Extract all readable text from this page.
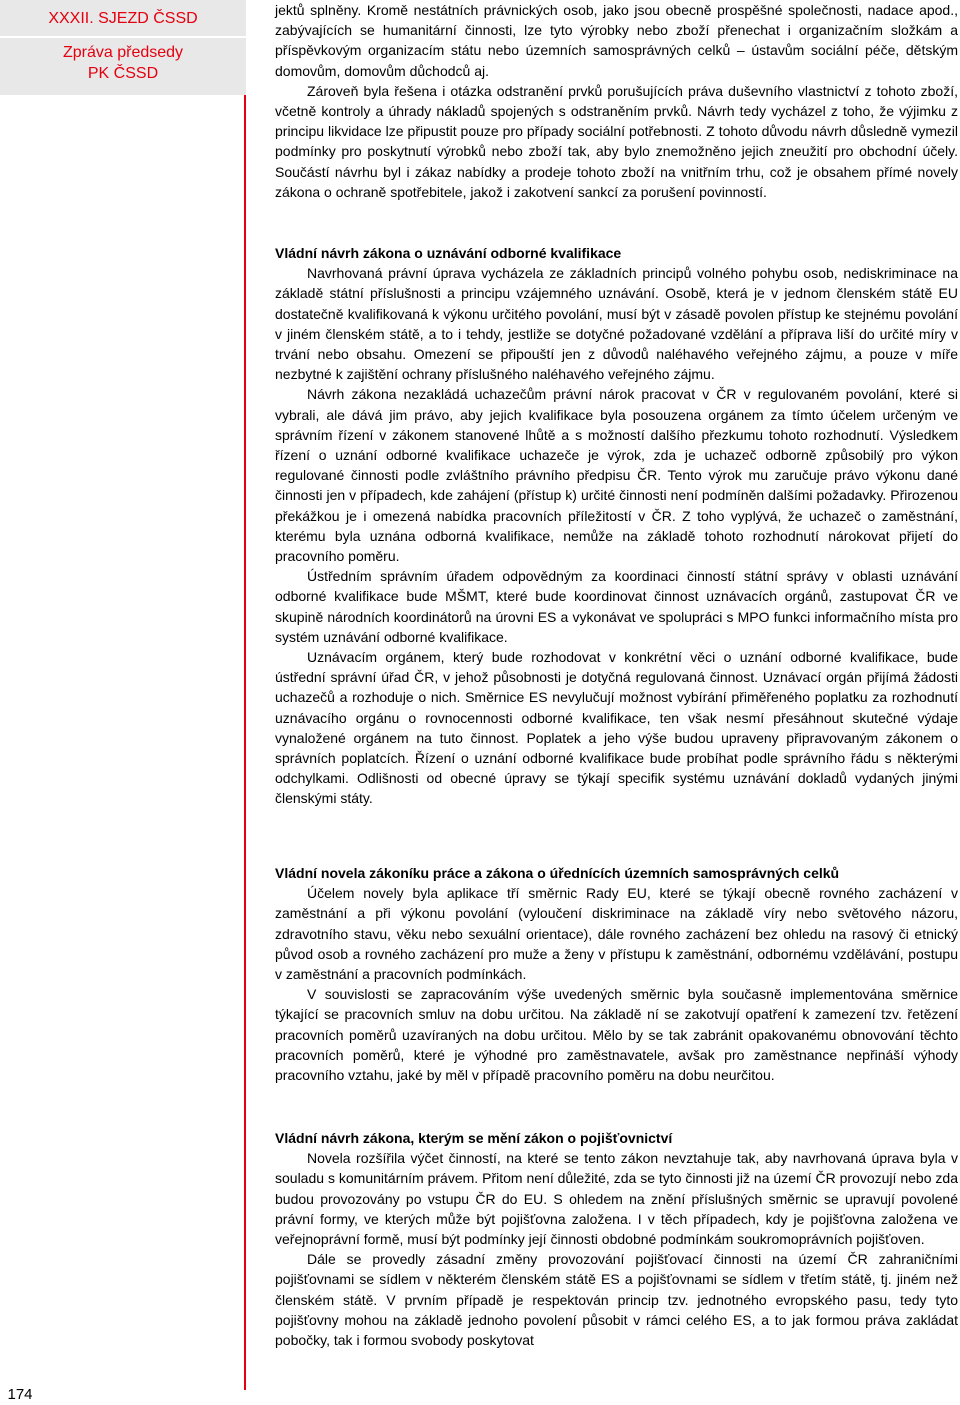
XXXII. SJEZD ČSSD
Zpráva předsedy
PK ČSSD
174

jektů splněny. Kromě nestátních právnických osob, jako jsou obecně prospěšné společnosti, nadace apod., zabývajících se humanitární činnosti, lze tyto výrobky nebo zboží přenechat i organizačním složkám a příspěvkovým organizacím státu nebo územních samosprávných celků – ústavům sociální péče, dětským domovům, domovům důchodců aj.

Zároveň byla řešena i otázka odstranění prvků porušujících práva duševního vlastnictví z tohoto zboží, včetně kontroly a úhrady nákladů spojených s odstraněním prvků. Návrh tedy vycházel z toho, že výjimku z principu likvidace lze připustit pouze pro případy sociální potřebnosti. Z tohoto důvodu návrh důsledně vymezil podmínky pro poskytnutí výrobků nebo zboží tak, aby bylo znemožněno jejich zneužití pro obchodní účely. Součástí návrhu byl i zákaz nabídky a prodeje tohoto zboží na vnitřním trhu, což je obsahem přímé novely zákona o ochraně spotřebitele, jakož i zakotvení sankcí za porušení povinností.

Vládní návrh zákona o uznávání odborné kvalifikace

Navrhovaná právní úprava vycházela ze základních principů volného pohybu osob, nediskriminace na základě státní příslušnosti a principu vzájemného uznávání. Osobě, která je v jednom členském státě EU dostatečně kvalifikovaná k výkonu určitého povolání, musí být v zásadě povolen přístup ke stejnému povolání v jiném členském státě, a to i tehdy, jestliže se dotyčné požadované vzdělání a příprava liší do určité míry v trvání nebo obsahu. Omezení se připouští jen z důvodů naléhavého veřejného zájmu, a pouze v míře nezbytné k zajištění ochrany příslušného naléhavého veřejného zájmu.

Návrh zákona nezakládá uchazečům právní nárok pracovat v ČR v regulovaném povolání, které si vybrali, ale dává jim právo, aby jejich kvalifikace byla posouzena orgánem za tímto účelem určeným ve správním řízení v zákonem stanovené lhůtě a s možností dalšího přezkumu tohoto rozhodnutí. Výsledkem řízení o uznání odborné kvalifikace uchazeče je výrok, zda je uchazeč odborně způsobilý pro výkon regulované činnosti podle zvláštního právního předpisu ČR. Tento výrok mu zaručuje právo výkonu dané činnosti jen v případech, kde zahájení (přístup k) určité činnosti není podmíněn dalšími požadavky. Přirozenou překážkou je i omezená nabídka pracovních příležitostí v ČR. Z toho vyplývá, že uchazeč o zaměstnání, kterému byla uznána odborná kvalifikace, nemůže na základě tohoto rozhodnutí nárokovat přijetí do pracovního poměru.

Ústředním správním úřadem odpovědným za koordinaci činností státní správy v oblasti uznávání odborné kvalifikace bude MŠMT, které bude koordinovat činnost uznávacích orgánů, zastupovat ČR ve skupině národních koordinátorů na úrovni ES a vykonávat ve spolupráci s MPO funkci informačního místa pro systém uznávání odborné kvalifikace.

Uznávacím orgánem, který bude rozhodovat v konkrétní věci o uznání odborné kvalifikace, bude ústřední správní úřad ČR, v jehož působnosti je dotyčná regulovaná činnost. Uznávací orgán přijímá žádosti uchazečů a rozhoduje o nich. Směrnice ES nevylučují možnost vybírání přiměřeného poplatku za rozhodnutí uznávacího orgánu o rovnocennosti odborné kvalifikace, ten však nesmí přesáhnout skutečné výdaje vynaložené orgánem na tuto činnost. Poplatek a jeho výše budou upraveny připravovaným zákonem o správních poplatcích. Řízení o uznání odborné kvalifikace bude probíhat podle správního řádu s některými odchylkami. Odlišnosti od obecné úpravy se týkají specifik systému uznávání dokladů vydaných jinými členskými státy.

Vládní novela zákoníku práce a zákona o úřednících územních samosprávných celků

Účelem novely byla aplikace tří směrnic Rady EU, které se týkají obecně rovného zacházení v zaměstnání a při výkonu povolání (vyloučení diskriminace na základě víry nebo světového názoru, zdravotního stavu, věku nebo sexuální orientace), dále rovného zacházení bez ohledu na rasový či etnický původ osob a rovného zacházení pro muže a ženy v přístupu k zaměstnání, odbornému vzdělávání, postupu v zaměstnání a pracovních podmínkách.

V souvislosti se zapracováním výše uvedených směrnic byla současně implementována směrnice týkající se pracovních smluv na dobu určitou. Na základě ní se zakotvují opatření k zamezení tzv. řetězení pracovních poměrů uzavíraných na dobu určitou. Mělo by se tak zabránit opakovanému obnovování těchto pracovních poměrů, které je výhodné pro zaměstnavatele, avšak pro zaměstnance nepřináší výhody pracovního vztahu, jaké by měl v případě pracovního poměru na dobu neurčitou.

Vládní návrh zákona, kterým se mění zákon o pojišťovnictví

Novela rozšířila výčet činností, na které se tento zákon nevztahuje tak, aby navrhovaná úprava byla v souladu s komunitárním právem. Přitom není důležité, zda se tyto činnosti již na území ČR provozují nebo zda budou provozovány po vstupu ČR do EU. S ohledem na znění příslušných směrnic se upravují povolené právní formy, ve kterých může být pojišťovna založena. I v těch případech, kdy je pojišťovna založena ve veřejnoprávní formě, musí být podmínky její činnosti obdobné podmínkám soukromoprávních pojišťoven.

Dále se provedly zásadní změny provozování pojišťovací činnosti na území ČR zahraničními pojišťovnami se sídlem v některém členském státě ES a pojišťovnami se sídlem v třetím státě, tj. jiném než členském státě. V prvním případě je respektován princip tzv. jednotného evropského pasu, tedy tyto pojišťovny mohou na základě jednoho povolení působit v rámci celého ES, a to jak formou práva zakládat pobočky, tak i formou svobody poskytovat
